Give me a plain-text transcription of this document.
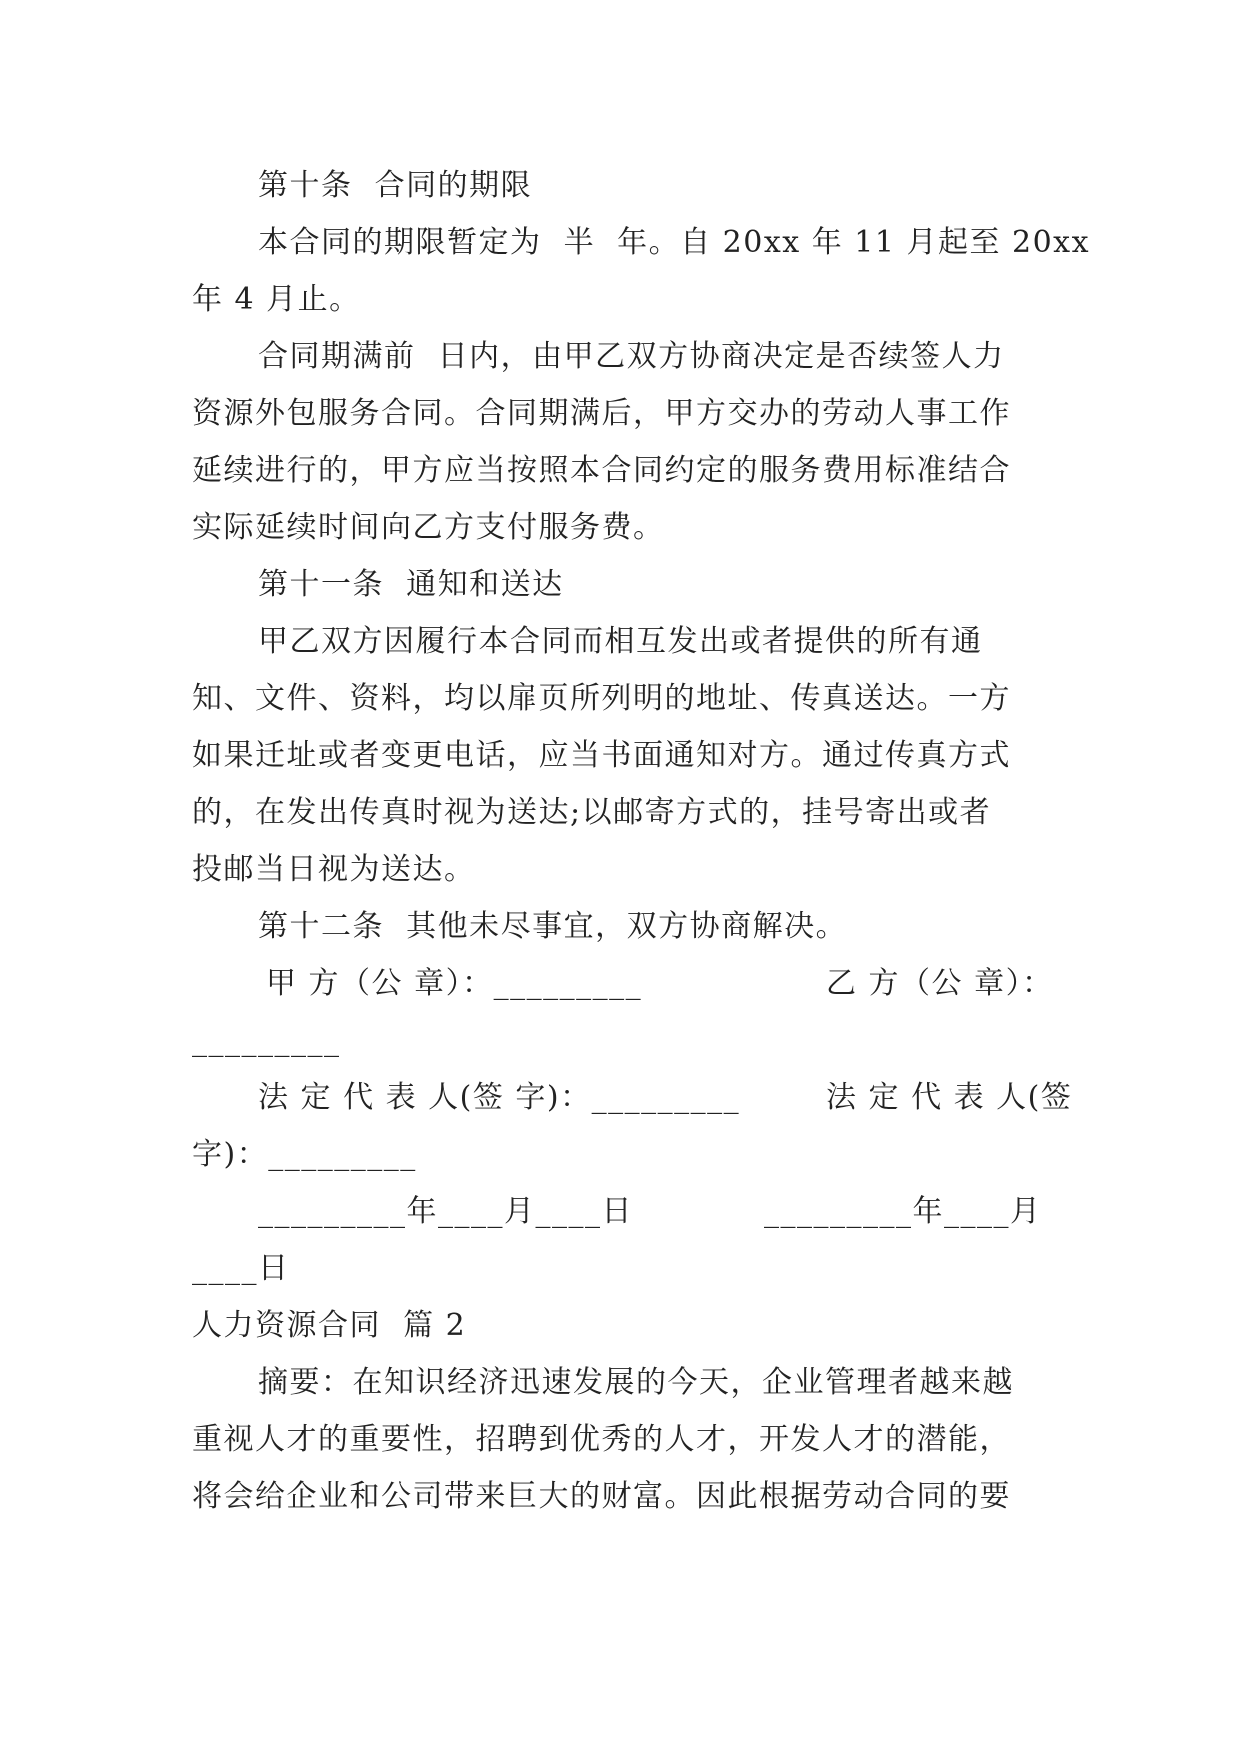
第十条  合同的期限
本合同的期限暂定为  半  年。自 20xx 年 11 月起至 20xx
年 4 月止。
合同期满前  日内，由甲乙双方协商决定是否续签人力
资源外包服务合同。合同期满后，甲方交办的劳动人事工作
延续进行的，甲方应当按照本合同约定的服务费用标准结合
实际延续时间向乙方支付服务费。
第十一条  通知和送达
甲乙双方因履行本合同而相互发出或者提供的所有通
知、文件、资料，均以扉页所列明的地址、传真送达。一方
如果迁址或者变更电话，应当书面通知对方。通过传真方式
的，在发出传真时视为送达;以邮寄方式的，挂号寄出或者
投邮当日视为送达。
第十二条  其他未尽事宜，双方协商解决。
甲 方（公 章）：_________	乙 方（公 章）：
_________
法 定 代 表 人(签 字)：_________	法 定 代 表 人(签
字)：_________
_________年____月____日	_________年____月
____日
人力资源合同  篇 2
摘要：在知识经济迅速发展的今天，企业管理者越来越
重视人才的重要性，招聘到优秀的人才，开发人才的潜能，
将会给企业和公司带来巨大的财富。因此根据劳动合同的要
